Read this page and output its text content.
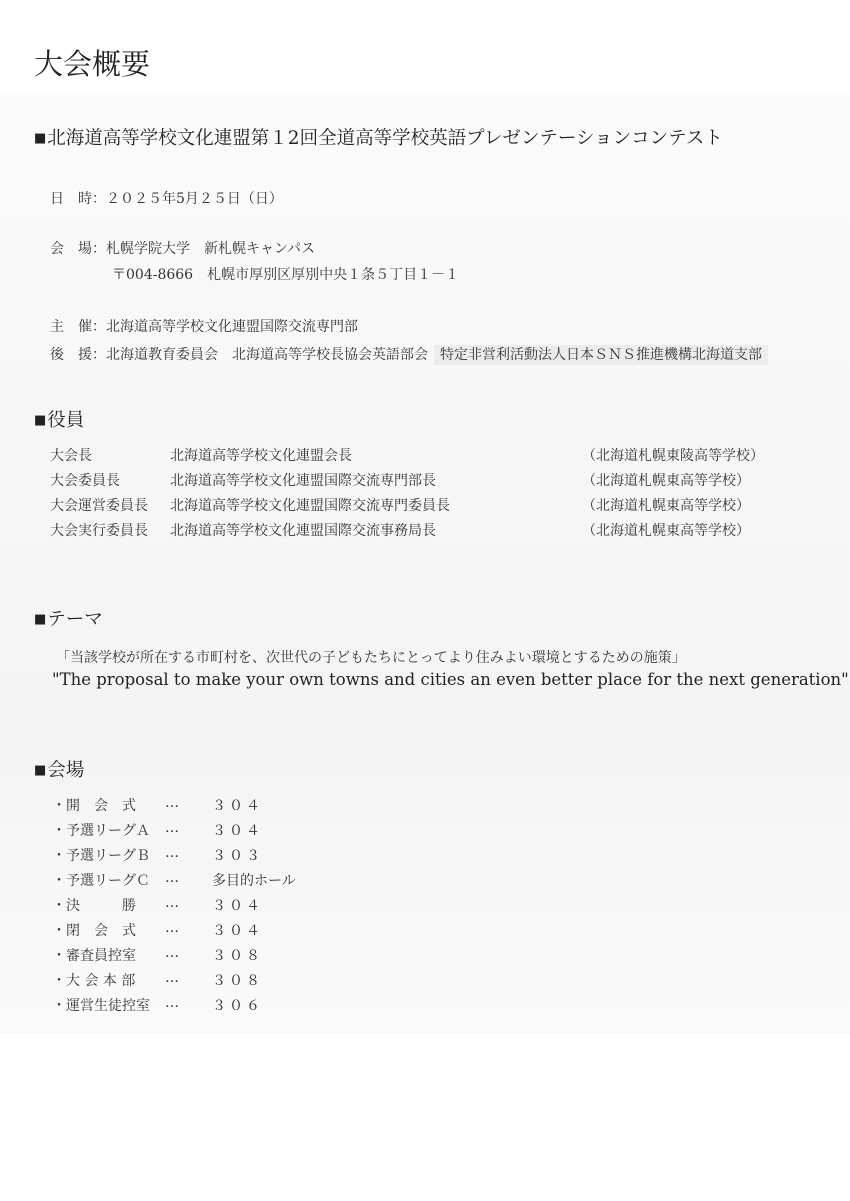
大会概要
■北海道高等学校文化連盟第１2回全道高等学校英語プレゼンテーションコンテスト
日　時：２０２５年5月２５日（日）
会　場：札幌学院大学　新札幌キャンパス
〒004-8666　札幌市厚別区厚別中央１条５丁目１－１
主　催：北海道高等学校文化連盟国際交流専門部
後　援：北海道教育委員会　北海道高等学校長協会英語部会 特定非営利活動法人日本ＳＮＳ推進機構北海道支部
■役員
大会長	北海道高等学校文化連盟会長	（北海道札幌東陵高等学校）
大会委員長	北海道高等学校文化連盟国際交流専門部長	（北海道札幌東高等学校）
大会運営委員長 北海道高等学校文化連盟国際交流専門委員長	（北海道札幌東高等学校）
大会実行委員長 北海道高等学校文化連盟国際交流事務局長	（北海道札幌東高等学校）
■テーマ
「当該学校が所在する市町村を、次世代の子どもたちにとってより住みよい環境とするための施策」
"The proposal to make your own towns and cities an even better place for the next generation"
■会場
・開　会　式 … ３０４
・予選リーグＡ … ３０４
・予選リーグＢ … ３０３
・予選リーグＣ … 多目的ホール
・決　　　勝 … ３０４
・閉　会　式 … ３０４
・審査員控室 … ３０８
・大 会 本 部 … ３０８
・運営生徒控室 … ３０６
